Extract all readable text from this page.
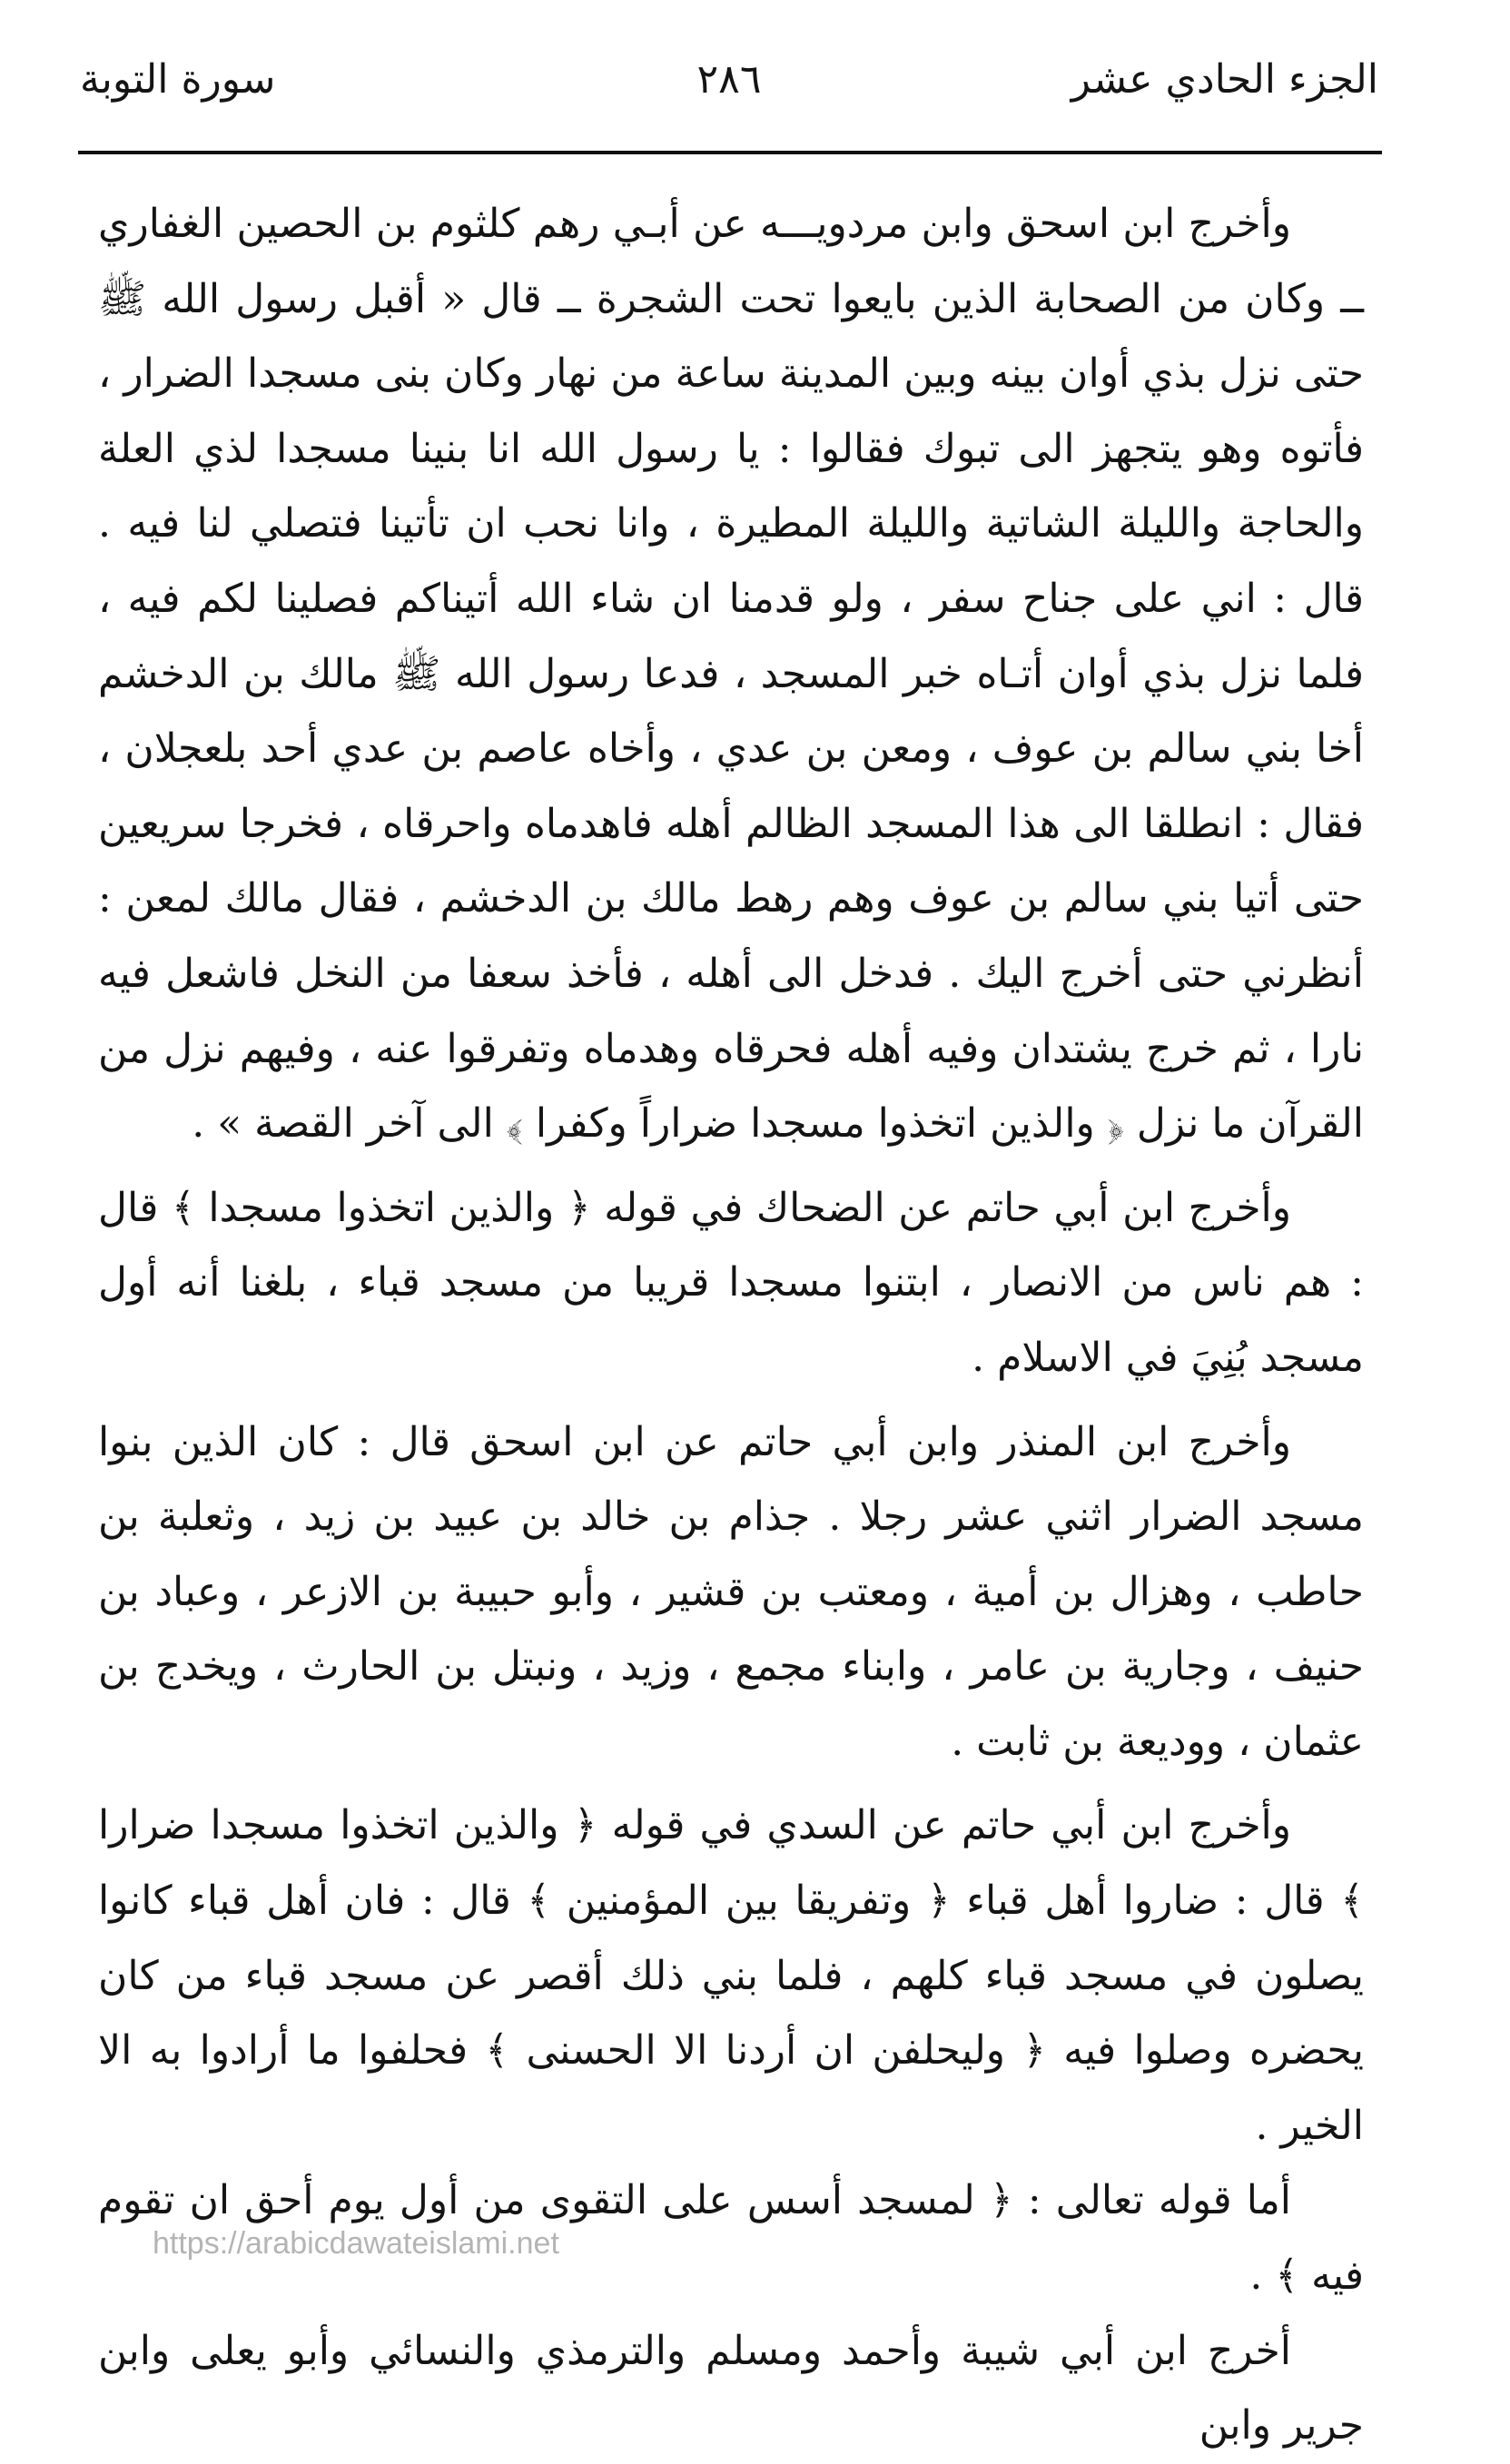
الجزء الحادي عشر
٢٨٦
سورة التوبة

وأخرج ابن اسحق وابن مردويـــه عن أبـي رهم كلثوم بن الحصين الغفاري ــ وكان من الصحابة الذين بايعوا تحت الشجرة ــ قال « أقبل رسول الله ﷺ حتى نزل بذي أوان بينه وبين المدينة ساعة من نهار وكان بنى مسجدا الضرار ، فأتوه وهو يتجهز الى تبوك فقالوا : يا رسول الله انا بنينا مسجدا لذي العلة والحاجة والليلة الشاتية والليلة المطيرة ، وانا نحب ان تأتينا فتصلي لنا فيه . قال : اني على جناح سفر ، ولو قدمنا ان شاء الله أتيناكم فصلينا لكم فيه ، فلما نزل بذي أوان أتـاه خبر المسجد ، فدعا رسول الله ﷺ مالك بن الدخشم أخا بني سالم بن عوف ، ومعن بن عدي ، وأخاه عاصم بن عدي أحد بلعجلان ، فقال : انطلقا الى هذا المسجد الظالم أهله فاهدماه واحرقاه ، فخرجا سريعين حتى أتيا بني سالم بن عوف وهم رهط مالك بن الدخشم ، فقال مالك لمعن : أنظرني حتى أخرج اليك . فدخل الى أهله ، فأخذ سعفا من النخل فاشعل فيه نارا ، ثم خرج يشتدان وفيه أهله فحرقاه وهدماه وتفرقوا عنه ، وفيهم نزل من القرآن ما نزل ﴿ والذين اتخذوا مسجدا ضراراً وكفرا ﴾ الى آخر القصة » .

وأخرج ابن أبي حاتم عن الضحاك في قوله ﴿ والذين اتخذوا مسجدا ﴾ قال : هم ناس من الانصار ، ابتنوا مسجدا قريبا من مسجد قباء ، بلغنا أنه أول مسجد بُنِيَ في الاسلام .

وأخرج ابن المنذر وابن أبي حاتم عن ابن اسحق قال : كان الذين بنوا مسجد الضرار اثني عشر رجلا . جذام بن خالد بن عبيد بن زيد ، وثعلبة بن حاطب ، وهزال بن أمية ، ومعتب بن قشير ، وأبو حبيبة بن الازعر ، وعباد بن حنيف ، وجارية بن عامر ، وابناء مجمع ، وزيد ، ونبتل بن الحارث ، ويخدج بن عثمان ، ووديعة بن ثابت .

وأخرج ابن أبي حاتم عن السدي في قوله ﴿ والذين اتخذوا مسجدا ضرارا ﴾ قال : ضاروا أهل قباء ﴿ وتفريقا بين المؤمنين ﴾ قال : فان أهل قباء كانوا يصلون في مسجد قباء كلهم ، فلما بني ذلك أقصر عن مسجد قباء من كان يحضره وصلوا فيه ﴿ وليحلفن ان أردنا الا الحسنى ﴾ فحلفوا ما أرادوا به الا الخير .

أما قوله تعالى : ﴿ لمسجد أسس على التقوى من أول يوم أحق ان تقوم فيه ﴾ .

أخرج ابن أبي شيبة وأحمد ومسلم والترمذي والنسائي وأبو يعلى وابن جرير وابن

https://arabicdawateislami.net
